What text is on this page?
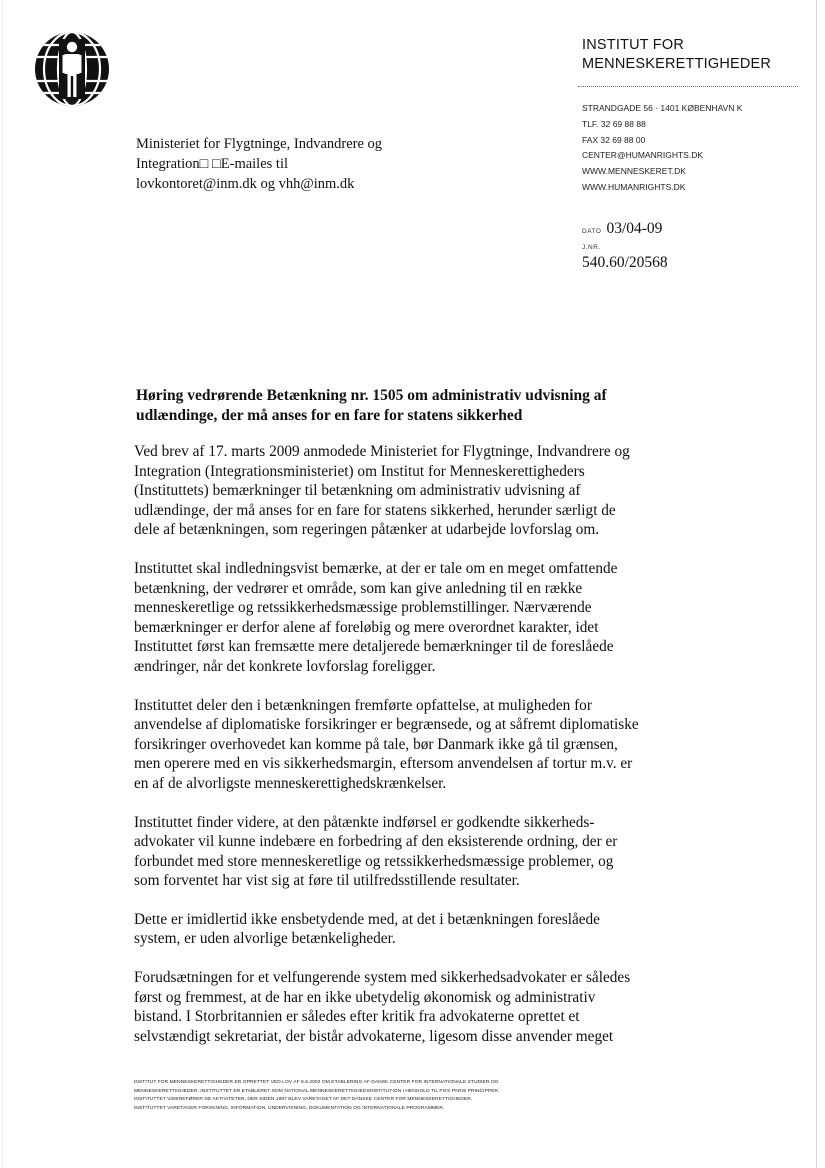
INSTITUT FOR
MENNESKERETTIGHEDER
STRANDGADE 56 · 1401 KØBENHAVN K
TLF. 32 69 88 88
FAX 32 69 88 00
CENTER@HUMANRIGHTS.DK
WWW.MENNESKERET.DK
WWW.HUMANRIGHTS.DK
Ministeriet for Flygtninge, Indvandrere og
Integration□ □E-mailes til
lovkontoret@inm.dk og vhh@inm.dk
DATO 03/04-09
J.NR.
540.60/20568
Høring vedrørende Betænkning nr. 1505 om administrativ udvisning af
udlændinge, der må anses for en fare for statens sikkerhed
Ved brev af 17. marts 2009 anmodede Ministeriet for Flygtninge, Indvandrere og
Integration (Integrationsministeriet) om Institut for Menneskerettigheders
(Instituttets) bemærkninger til betænkning om administrativ udvisning af
udlændinge, der må anses for en fare for statens sikkerhed, herunder særligt de
dele af betænkningen, som regeringen påtænker at udarbejde lovforslag om.
Instituttet skal indledningsvist bemærke, at der er tale om en meget omfattende
betænkning, der vedrører et område, som kan give anledning til en række
menneskeretlige og retssikkerhedsmæssige problemstillinger. Nærværende
bemærkninger er derfor alene af foreløbig og mere overordnet karakter, idet
Instituttet først kan fremsætte mere detaljerede bemærkninger til de foreslåede
ændringer, når det konkrete lovforslag foreligger.
Instituttet deler den i betænkningen fremførte opfattelse, at muligheden for
anvendelse af diplomatiske forsikringer er begrænsede, og at såfremt diplomatiske
forsikringer overhovedet kan komme på tale, bør Danmark ikke gå til grænsen,
men operere med en vis sikkerhedsmargin, eftersom anvendelsen af tortur m.v. er
en af de alvorligste menneskerettighedskrænkelser.
Instituttet finder videre, at den påtænkte indførsel er godkendte sikkerheds-
advokater vil kunne indebære en forbedring af den eksisterende ordning, der er
forbundet med store menneskeretlige og retssikkerhedsmæssige problemer, og
som forventet har vist sig at føre til utilfredsstillende resultater.
Dette er imidlertid ikke ensbetydende med, at det i betænkningen foreslåede
system, er uden alvorlige betænkeligheder.
Forudsætningen for et velfungerende system med sikkerhedsadvokater er således
først og fremmest, at de har en ikke ubetydelig økonomisk og administrativ
bistand. I Storbritannien er således efter kritik fra advokaterne oprettet et
selvstændigt sekretariat, der bistår advokaterne, ligesom disse anvender meget
INSTITUT FOR MENNESKERETTIGHEDER ER OPRETTET VED LOV AF 6.6.2002 OM ETABLERING AF DANSK CENTER FOR INTERNATIONALE STUDIER OG
MENNESKERETTIGHEDER. INSTITUTTET ER ETABLERET SOM NATIONAL MENNESKERETTIGHEDSINSTITUTION I HENHOLD TIL FN'S PARIS PRINCIPPER.
INSTITUTTET VIDEREFØRER DE AKTIVITETER, DER SIDEN 1987 BLEV VARETAGET AF DET DANSKE CENTER FOR MENNESKERETTIGHEDER.
INSTITUTTET VARETAGER FORSKNING, INFORMATION, UNDERVISNING, DOKUMENTATION OG INTERNATIONALE PROGRAMMER.
